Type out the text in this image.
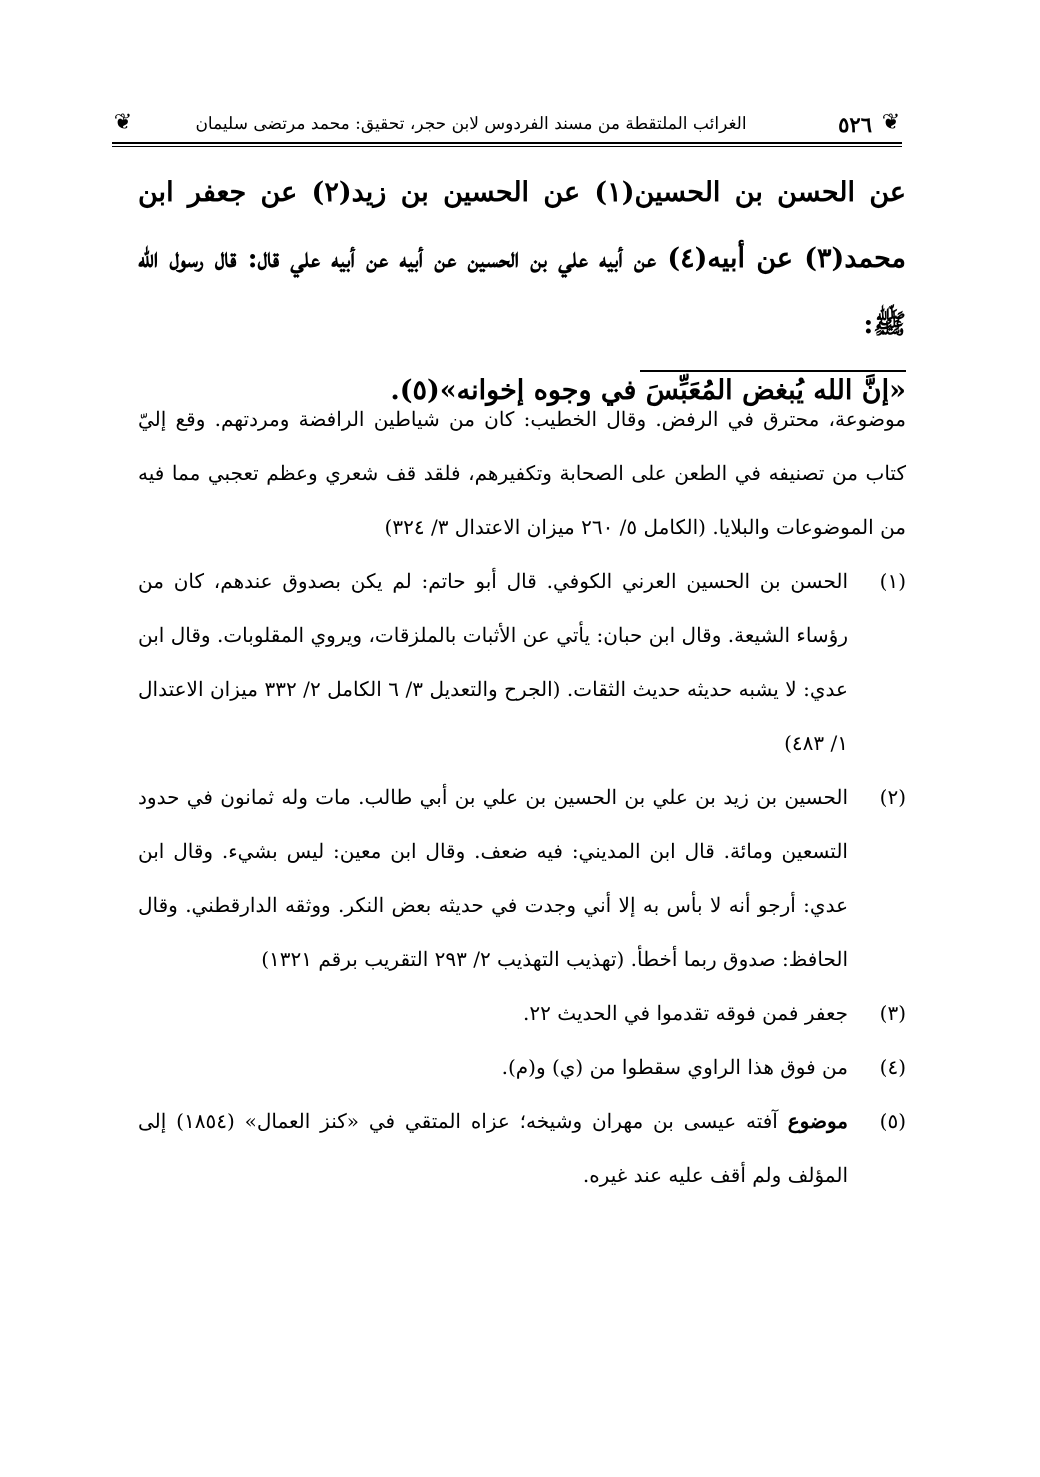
❦
٥٢٦
الغرائب الملتقطة من مسند الفردوس لابن حجر، تحقيق: محمد مرتضى سليمان
❦

عن الحسن بن الحسين(١) عن الحسين بن زيد(٢) عن جعفر ابن محمد(٣) عن أبيه(٤) عن أبيه علي بن الحسين عن أبيه عن أبيه علي قال: قال رسول الله ﷺ:
«إنَّ الله يُبغض المُعَبِّسَ في وجوه إخوانه»(٥).

موضوعة، محترق في الرفض. وقال الخطيب: كان من شياطين الرافضة ومردتهم. وقع إليّ كتاب من تصنيفه في الطعن على الصحابة وتكفيرهم، فلقد قف شعري وعظم تعجبي مما فيه من الموضوعات والبلايا. (الكامل ٥/ ٢٦٠ ميزان الاعتدال ٣/ ٣٢٤)
(١)
الحسن بن الحسين العرني الكوفي. قال أبو حاتم: لم يكن بصدوق عندهم، كان من رؤساء الشيعة. وقال ابن حبان: يأتي عن الأثبات بالملزقات، ويروي المقلوبات. وقال ابن عدي: لا يشبه حديثه حديث الثقات. (الجرح والتعديل ٣/ ٦ الكامل ٢/ ٣٣٢ ميزان الاعتدال ١/ ٤٨٣)
(٢)
الحسين بن زيد بن علي بن الحسين بن علي بن أبي طالب. مات وله ثمانون في حدود التسعين ومائة. قال ابن المديني: فيه ضعف. وقال ابن معين: ليس بشيء. وقال ابن عدي: أرجو أنه لا بأس به إلا أني وجدت في حديثه بعض النكر. ووثقه الدارقطني. وقال الحافظ: صدوق ربما أخطأ. (تهذيب التهذيب ٢/ ٢٩٣ التقريب برقم ١٣٢١)
(٣)
جعفر فمن فوقه تقدموا في الحديث ٢٢.
(٤)
من فوق هذا الراوي سقطوا من (ي) و(م).
(٥)
موضوع آفته عيسى بن مهران وشيخه؛ عزاه المتقي في «كنز العمال» (١٨٥٤) إلى المؤلف ولم أقف عليه عند غيره.
